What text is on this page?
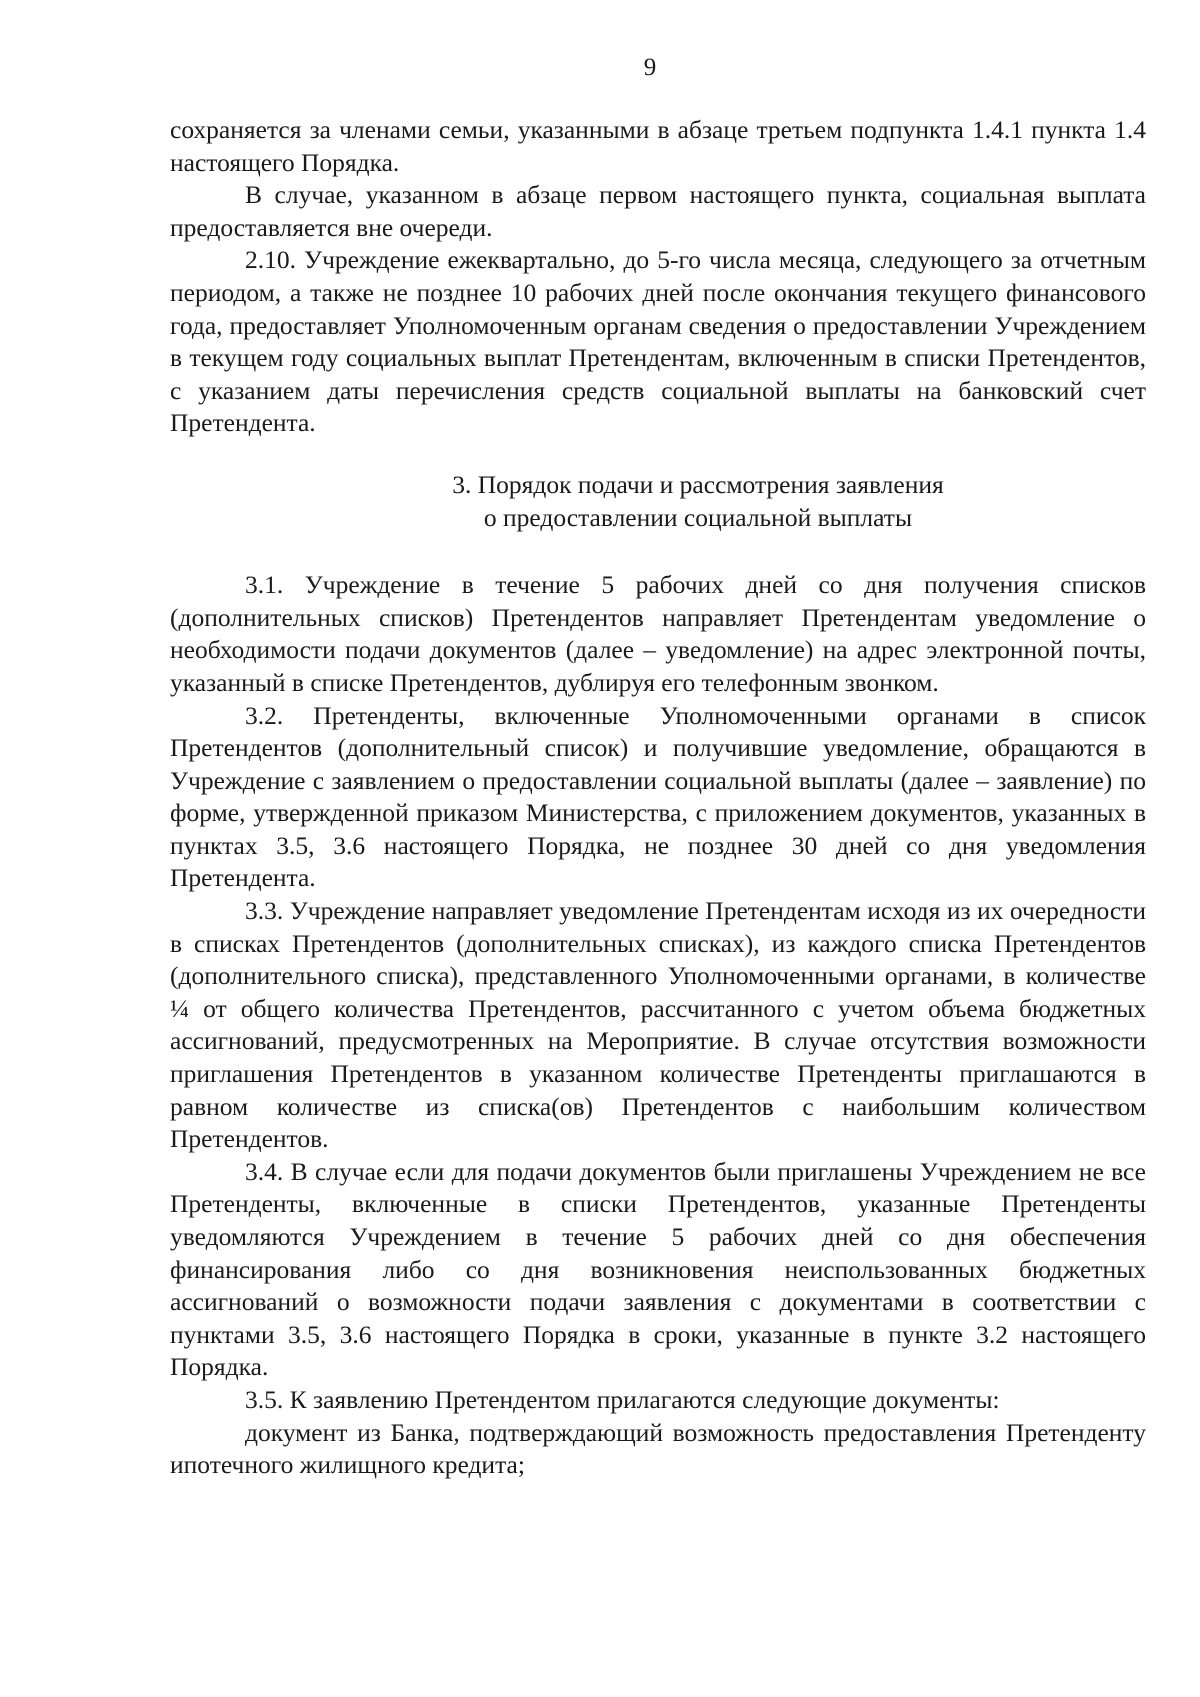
9

сохраняется за членами семьи, указанными в абзаце третьем подпункта 1.4.1 пункта 1.4 настоящего Порядка.

В случае, указанном в абзаце первом настоящего пункта, социальная выплата предоставляется вне очереди.

2.10. Учреждение ежеквартально, до 5-го числа месяца, следующего за отчетным периодом, а также не позднее 10 рабочих дней после окончания текущего финансового года, предоставляет Уполномоченным органам сведения о предоставлении Учреждением в текущем году социальных выплат Претендентам, включенным в списки Претендентов, с указанием даты перечисления средств социальной выплаты на банковский счет Претендента.

3. Порядок подачи и рассмотрения заявления
о предоставлении социальной выплаты

3.1. Учреждение в течение 5 рабочих дней со дня получения списков (дополнительных списков) Претендентов направляет Претендентам уведомление о необходимости подачи документов (далее – уведомление) на адрес электронной почты, указанный в списке Претендентов, дублируя его телефонным звонком.

3.2. Претенденты, включенные Уполномоченными органами в список Претендентов (дополнительный список) и получившие уведомление, обращаются в Учреждение с заявлением о предоставлении социальной выплаты (далее – заявление) по форме, утвержденной приказом Министерства, с приложением документов, указанных в пунктах 3.5, 3.6 настоящего Порядка, не позднее 30 дней со дня уведомления Претендента.

3.3. Учреждение направляет уведомление Претендентам исходя из их очередности в списках Претендентов (дополнительных списках), из каждого списка Претендентов (дополнительного списка), представленного Уполномоченными органами, в количестве ¼ от общего количества Претендентов, рассчитанного с учетом объема бюджетных ассигнований, предусмотренных на Мероприятие. В случае отсутствия возможности приглашения Претендентов в указанном количестве Претенденты приглашаются в равном количестве из списка(ов) Претендентов с наибольшим количеством Претендентов.

3.4. В случае если для подачи документов были приглашены Учреждением не все Претенденты, включенные в списки Претендентов, указанные Претенденты уведомляются Учреждением в течение 5 рабочих дней со дня обеспечения финансирования либо со дня возникновения неиспользованных бюджетных ассигнований о возможности подачи заявления с документами в соответствии с пунктами 3.5, 3.6 настоящего Порядка в сроки, указанные в пункте 3.2 настоящего Порядка.

3.5. К заявлению Претендентом прилагаются следующие документы:

документ из Банка, подтверждающий возможность предоставления Претенденту ипотечного жилищного кредита;
